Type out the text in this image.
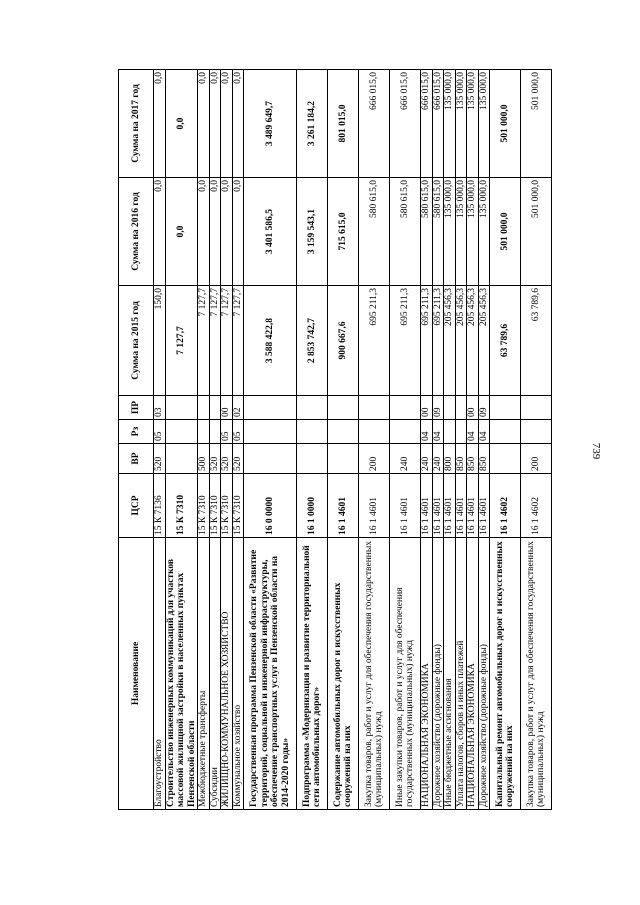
739
Наименование	ЦСР	ВР	Рз	ПР	Сумма на 2015 год	Сумма на 2016 год	Сумма на 2017 год
Благоустройство	15 К 7136	520	05	03	150,0	0,0	0,0
Строительство инженерных коммуникаций для участков массовой жилищной застройки в населенных пунктах Пензенской области	15 К 7310				7 127,7	0,0	0,0
Межбюджетные трансферты	15 К 7310	500			7 127,7	0,0	0,0
Субсидии	15 К 7310	520			7 127,7	0,0	0,0
ЖИЛИЩНО-КОММУНАЛЬНОЕ ХОЗЯЙСТВО	15 К 7310	520	05	00	7 127,7	0,0	0,0
Коммунальное хозяйство	15 К 7310	520	05	02	7 127,7	0,0	0,0
Государственная программа Пензенской области «Развитие территорий, социальной и инженерной инфраструктуры, обеспечение транспортных услуг в Пензенской области на 2014-2020 годы»	16 0 0000				3 588 422,8	3 401 586,5	3 489 649,7
Подпрограмма «Модернизация и развитие территориальной сети автомобильных дорог»	16 1 0000				2 853 742,7	3 159 543,1	3 261 184,2
Содержание автомобильных дорог и искусственных сооружений на них	16 1 4601				900 667,6	715 615,0	801 015,0
Закупка товаров, работ и услуг для обеспечения государственных (муниципальных) нужд	16 1 4601	200			695 211,3	580 615,0	666 015,0
Иные закупки товаров, работ и услуг для обеспечения государственных (муниципальных) нужд	16 1 4601	240			695 211,3	580 615,0	666 015,0
НАЦИОНАЛЬНАЯ ЭКОНОМИКА	16 1 4601	240	04	00	695 211,3	580 615,0	666 015,0
Дорожное хозяйство (дорожные фонды)	16 1 4601	240	04	09	695 211,3	580 615,0	666 015,0
Иные бюджетные ассигнования	16 1 4601	800			205 456,3	135 000,0	135 000,0
Уплата налогов, сборов и иных платежей	16 1 4601	850			205 456,3	135 000,0	135 000,0
НАЦИОНАЛЬНАЯ ЭКОНОМИКА	16 1 4601	850	04	00	205 456,3	135 000,0	135 000,0
Дорожное хозяйство (дорожные фонды)	16 1 4601	850	04	09	205 456,3	135 000,0	135 000,0
Капитальный ремонт автомобильных дорог и искусственных сооружений на них	16 1 4602				63 789,6	501 000,0	501 000,0
Закупка товаров, работ и услуг для обеспечения государственных (муниципальных) нужд	16 1 4602	200			63 789,6	501 000,0	501 000,0
